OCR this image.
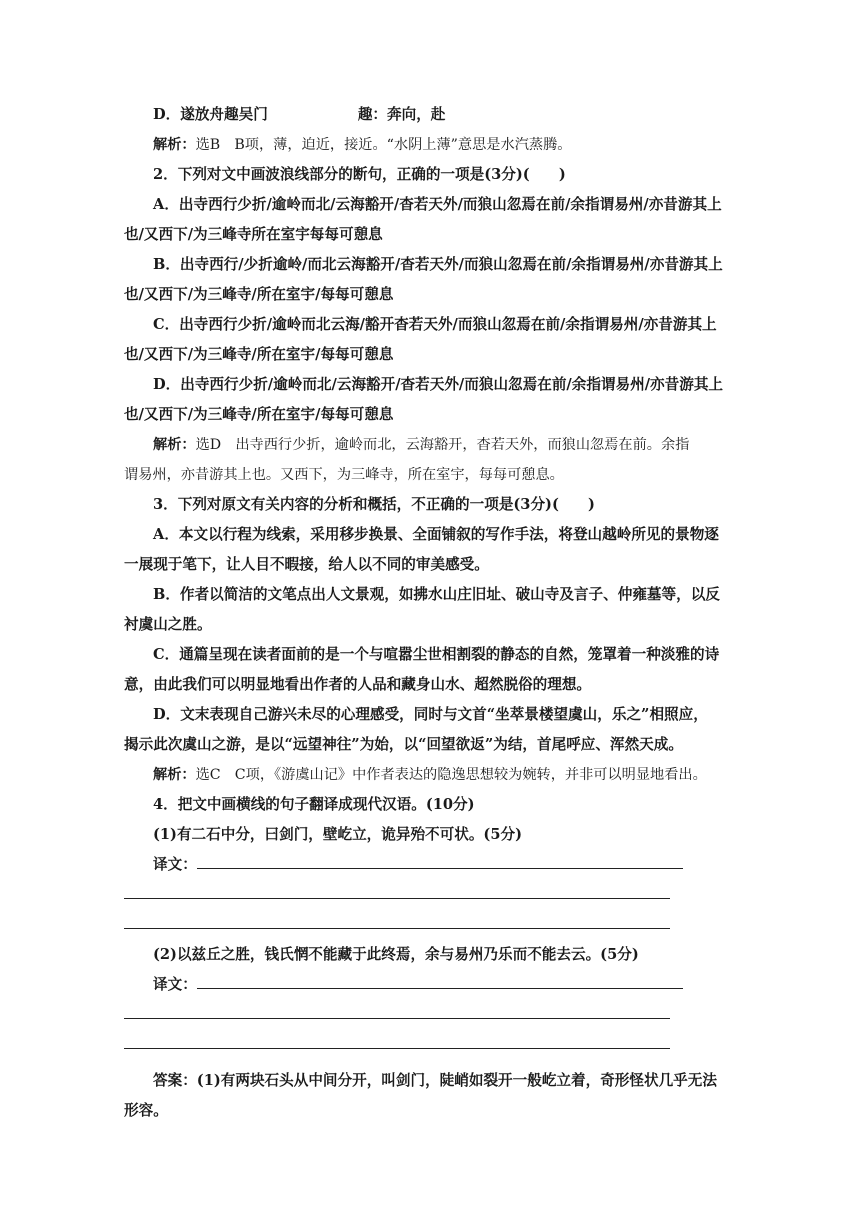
D．遂放舟趣吴门	趣：奔向，赴
解析：选B　B项，薄，迫近，接近。“水阴上薄”意思是水汽蒸腾。
2．下列对文中画波浪线部分的断句，正确的一项是(3分)(　　)
A．出寺西行少折/逾岭而北/云海豁开/杳若天外/而狼山忽焉在前/余指谓易州/亦昔游其上
也/又西下/为三峰寺所在室宇每每可憩息
B．出寺西行/少折逾岭/而北云海豁开/杳若天外/而狼山忽焉在前/余指谓易州/亦昔游其上
也/又西下/为三峰寺/所在室宇/每每可憩息
C．出寺西行少折/逾岭而北云海/豁开杳若天外/而狼山忽焉在前/余指谓易州/亦昔游其上
也/又西下/为三峰寺/所在室宇/每每可憩息
D．出寺西行少折/逾岭而北/云海豁开/杳若天外/而狼山忽焉在前/余指谓易州/亦昔游其上
也/又西下/为三峰寺/所在室宇/每每可憩息
解析：选D　出寺西行少折，逾岭而北，云海豁开，杳若天外，而狼山忽焉在前。余指
谓易州，亦昔游其上也。又西下，为三峰寺，所在室宇，每每可憩息。
3．下列对原文有关内容的分析和概括，不正确的一项是(3分)(　　)
A．本文以行程为线索，采用移步换景、全面铺叙的写作手法，将登山越岭所见的景物逐
一展现于笔下，让人目不暇接，给人以不同的审美感受。
B．作者以简洁的文笔点出人文景观，如拂水山庄旧址、破山寺及言子、仲雍墓等，以反
衬虞山之胜。
C．通篇呈现在读者面前的是一个与喧嚣尘世相割裂的静态的自然，笼罩着一种淡雅的诗
意，由此我们可以明显地看出作者的人品和藏身山水、超然脱俗的理想。
D．文末表现自己游兴未尽的心理感受，同时与文首“坐萃景楼望虞山，乐之”相照应，
揭示此次虞山之游，是以“远望神往”为始，以“回望欲返”为结，首尾呼应、浑然天成。
解析：选C　C项，《游虞山记》中作者表达的隐逸思想较为婉转，并非可以明显地看出。
4．把文中画横线的句子翻译成现代汉语。(10分)
(1)有二石中分，曰剑门，壁屹立，诡异殆不可状。(5分)
译文：
(2)以兹丘之胜，钱氏惘不能藏于此终焉，余与易州乃乐而不能去云。(5分)
译文：
答案：(1)有两块石头从中间分开，叫剑门，陡峭如裂开一般屹立着，奇形怪状几乎无法
形容。
